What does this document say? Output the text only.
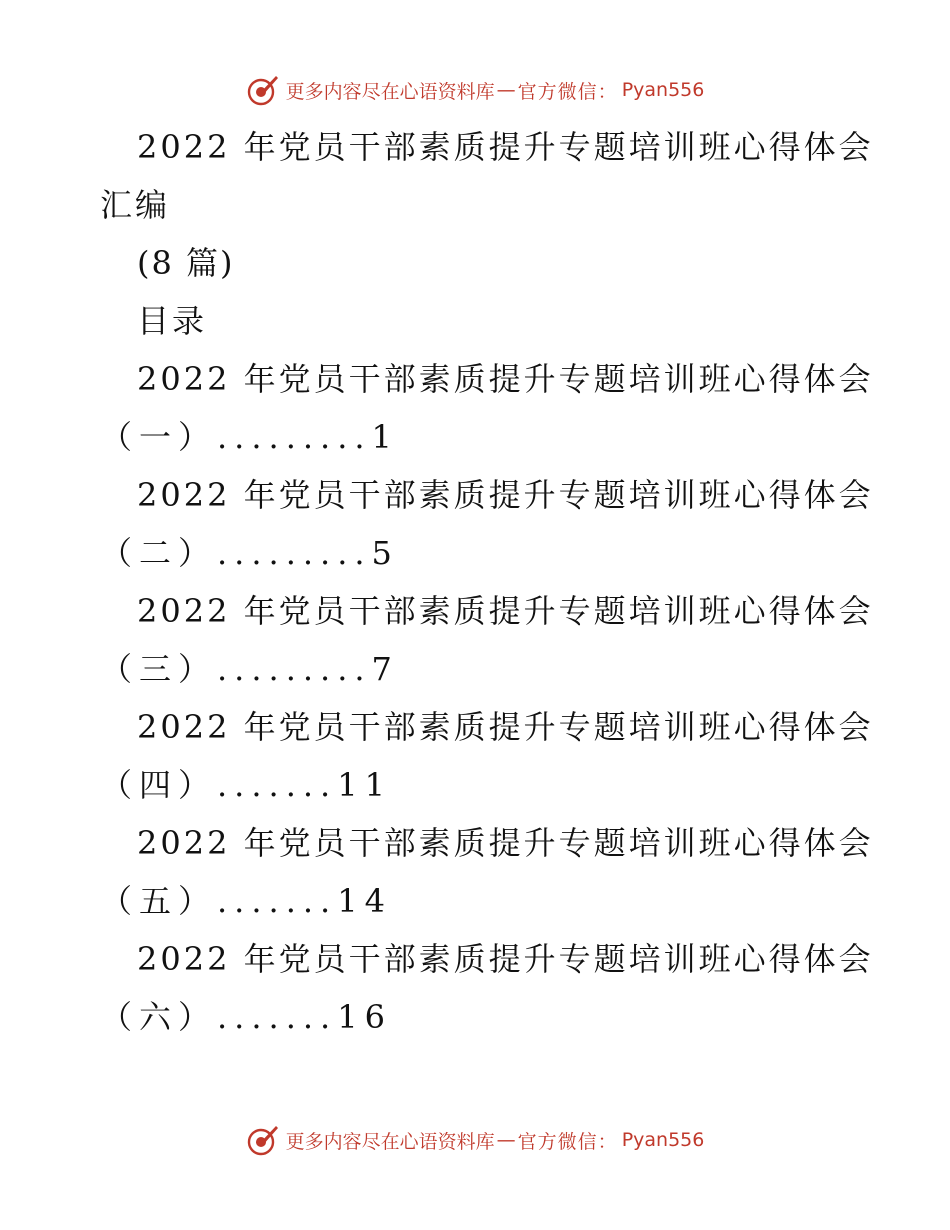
更多内容尽在心语资料库 — 官方微信： Pyan556
2022 年党员干部素质提升专题培训班心得体会
汇编
(8 篇)
目录
2022 年党员干部素质提升专题培训班心得体会
（一）.........1
2022 年党员干部素质提升专题培训班心得体会
（二）.........5
2022 年党员干部素质提升专题培训班心得体会
（三）.........7
2022 年党员干部素质提升专题培训班心得体会
（四）.......11
2022 年党员干部素质提升专题培训班心得体会
（五）.......14
2022 年党员干部素质提升专题培训班心得体会
（六）.......16
更多内容尽在心语资料库 — 官方微信： Pyan556
